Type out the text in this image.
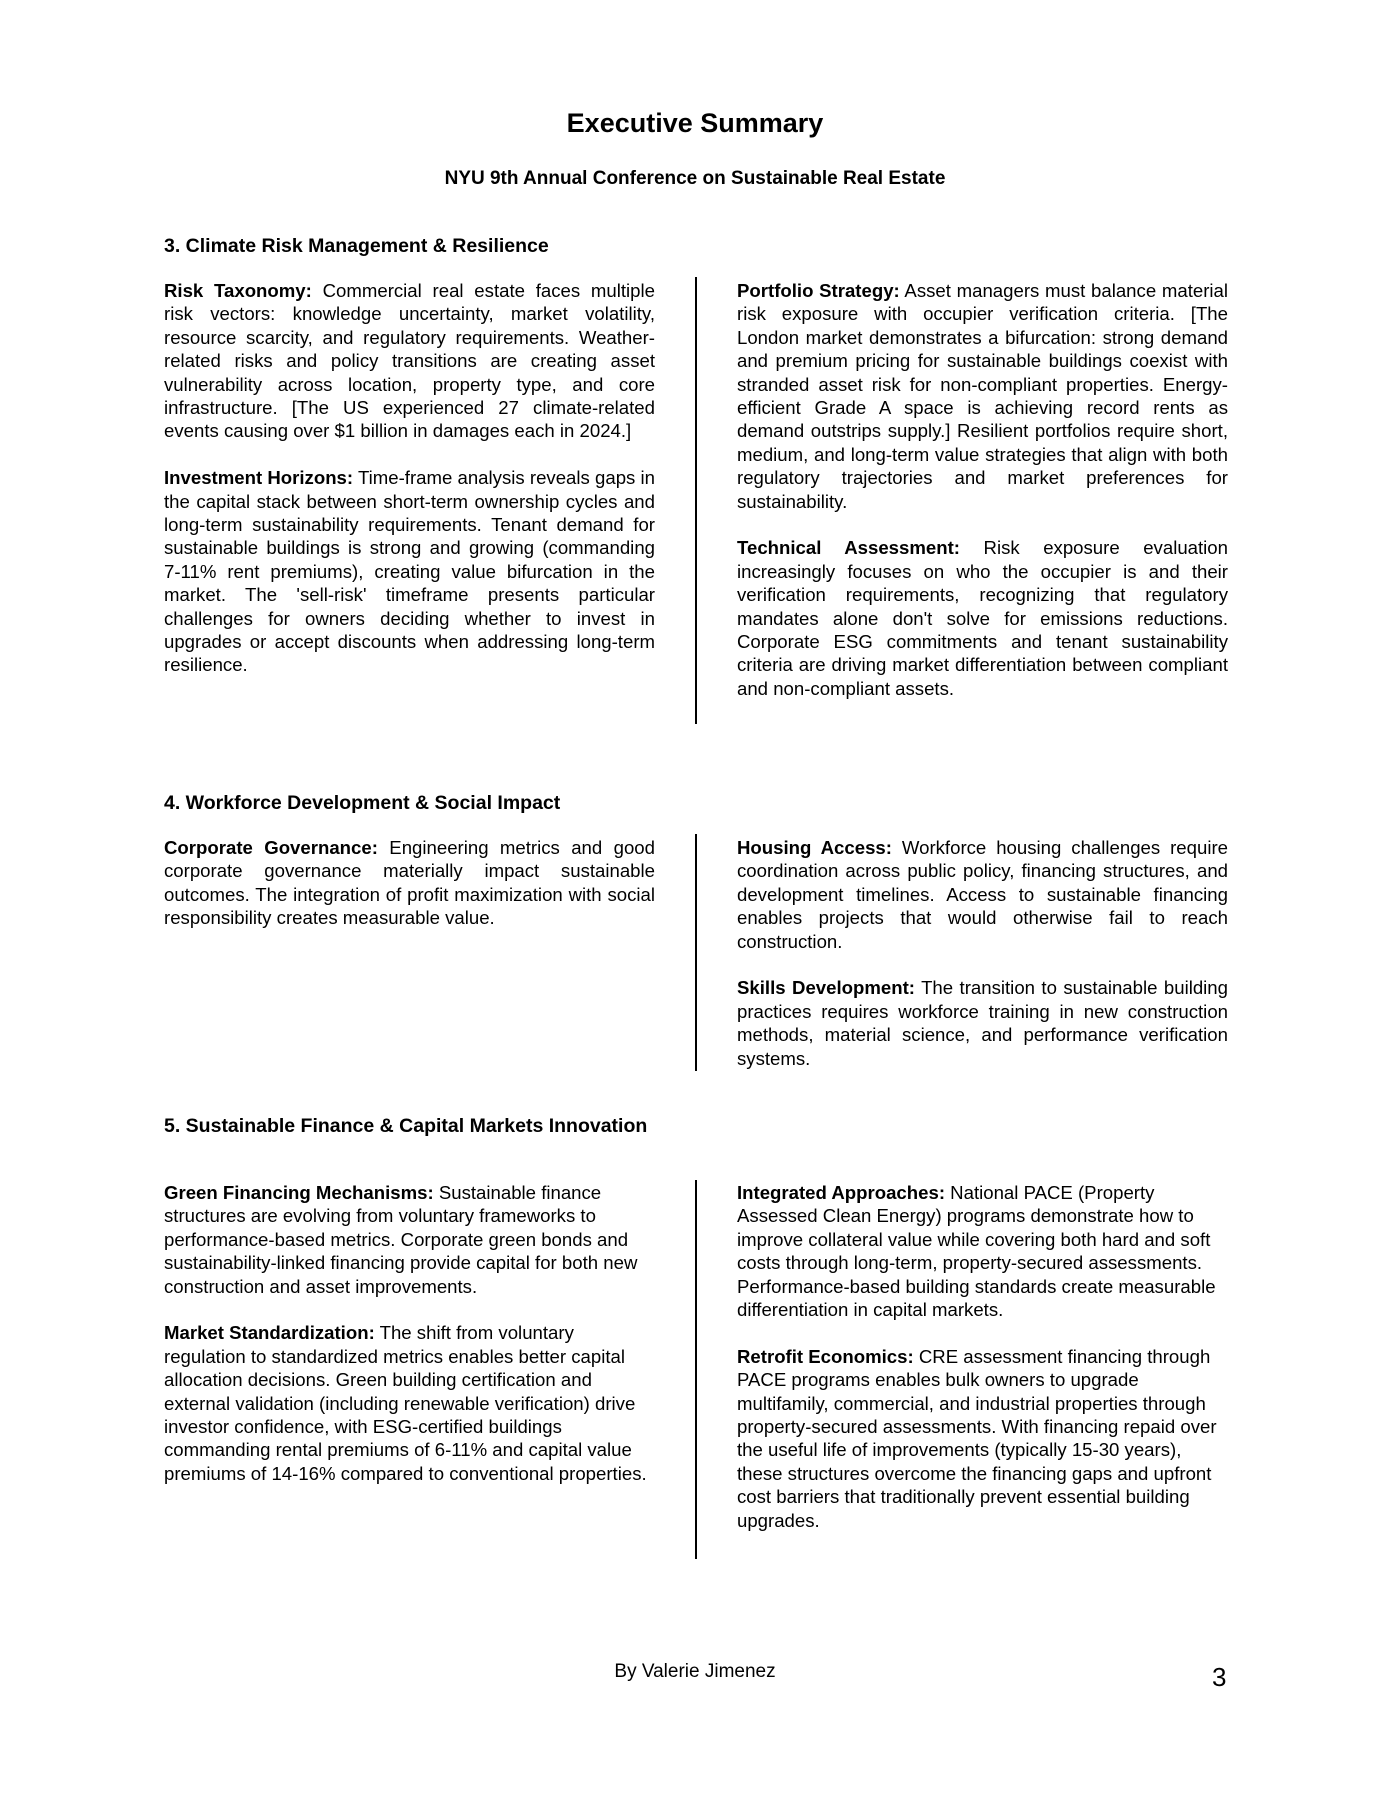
Executive Summary
NYU 9th Annual Conference on Sustainable Real Estate
3. Climate Risk Management & Resilience

Risk Taxonomy: Commercial real estate faces multiple risk vectors: knowledge uncertainty, market volatility, resource scarcity, and regulatory requirements. Weather-related risks and policy transitions are creating asset vulnerability across location, property type, and core infrastructure. [The US experienced 27 climate-related events causing over $1 billion in damages each in 2024.]

Investment Horizons: Time-frame analysis reveals gaps in the capital stack between short-term ownership cycles and long-term sustainability requirements. Tenant demand for sustainable buildings is strong and growing (commanding 7-11% rent premiums), creating value bifurcation in the market. The 'sell-risk' timeframe presents particular challenges for owners deciding whether to invest in upgrades or accept discounts when addressing long-term resilience.

Portfolio Strategy: Asset managers must balance material risk exposure with occupier verification criteria. [The London market demonstrates a bifurcation: strong demand and premium pricing for sustainable buildings coexist with stranded asset risk for non-compliant properties. Energy-efficient Grade A space is achieving record rents as demand outstrips supply.] Resilient portfolios require short, medium, and long-term value strategies that align with both regulatory trajectories and market preferences for sustainability.

Technical Assessment: Risk exposure evaluation increasingly focuses on who the occupier is and their verification requirements, recognizing that regulatory mandates alone don't solve for emissions reductions. Corporate ESG commitments and tenant sustainability criteria are driving market differentiation between compliant and non-compliant assets.

4. Workforce Development & Social Impact

Corporate Governance: Engineering metrics and good corporate governance materially impact sustainable outcomes. The integration of profit maximization with social responsibility creates measurable value.

Housing Access: Workforce housing challenges require coordination across public policy, financing structures, and development timelines. Access to sustainable financing enables projects that would otherwise fail to reach construction.

Skills Development: The transition to sustainable building practices requires workforce training in new construction methods, material science, and performance verification systems.

5. Sustainable Finance & Capital Markets Innovation

Green Financing Mechanisms: Sustainable finance structures are evolving from voluntary frameworks to performance-based metrics. Corporate green bonds and sustainability-linked financing provide capital for both new construction and asset improvements.

Market Standardization: The shift from voluntary regulation to standardized metrics enables better capital allocation decisions. Green building certification and external validation (including renewable verification) drive investor confidence, with ESG-certified buildings commanding rental premiums of 6-11% and capital value premiums of 14-16% compared to conventional properties.

Integrated Approaches: National PACE (Property Assessed Clean Energy) programs demonstrate how to improve collateral value while covering both hard and soft costs through long-term, property-secured assessments. Performance-based building standards create measurable differentiation in capital markets.

Retrofit Economics: CRE assessment financing through PACE programs enables bulk owners to upgrade multifamily, commercial, and industrial properties through property-secured assessments. With financing repaid over the useful life of improvements (typically 15-30 years), these structures overcome the financing gaps and upfront cost barriers that traditionally prevent essential building upgrades.

By Valerie Jimenez	3
